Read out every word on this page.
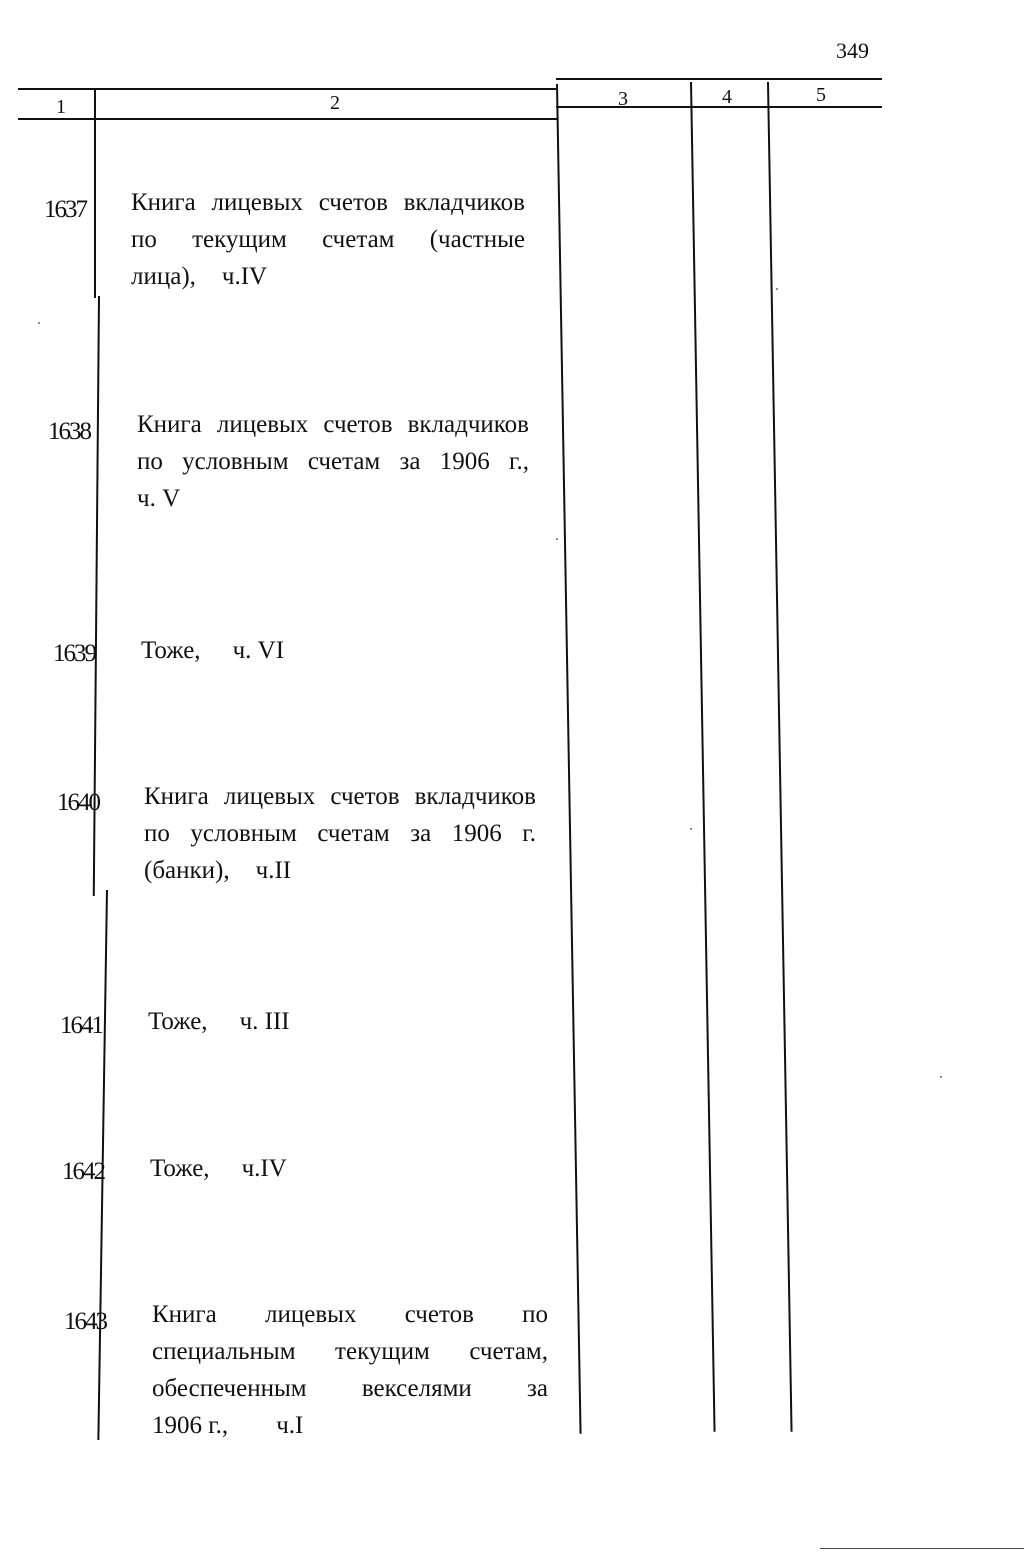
349
1	2	3	4	5
1637 Книга лицевых счетов вкладчиков
по текущим счетам (частные
лица), ч.IV
1638 Книга лицевых счетов вкладчиков
по условным счетам за 1906 г.,
ч. V
1639 Тоже, ч. VI
1640 Книга лицевых счетов вкладчиков
по условным счетам за 1906 г.
(банки), ч.II
1641 Тоже, ч. III
1642 Тоже, ч.IV
1643 Книга лицевых счетов по
специальным текущим счетам,
обеспеченным векселями за
1906 г., ч.I
